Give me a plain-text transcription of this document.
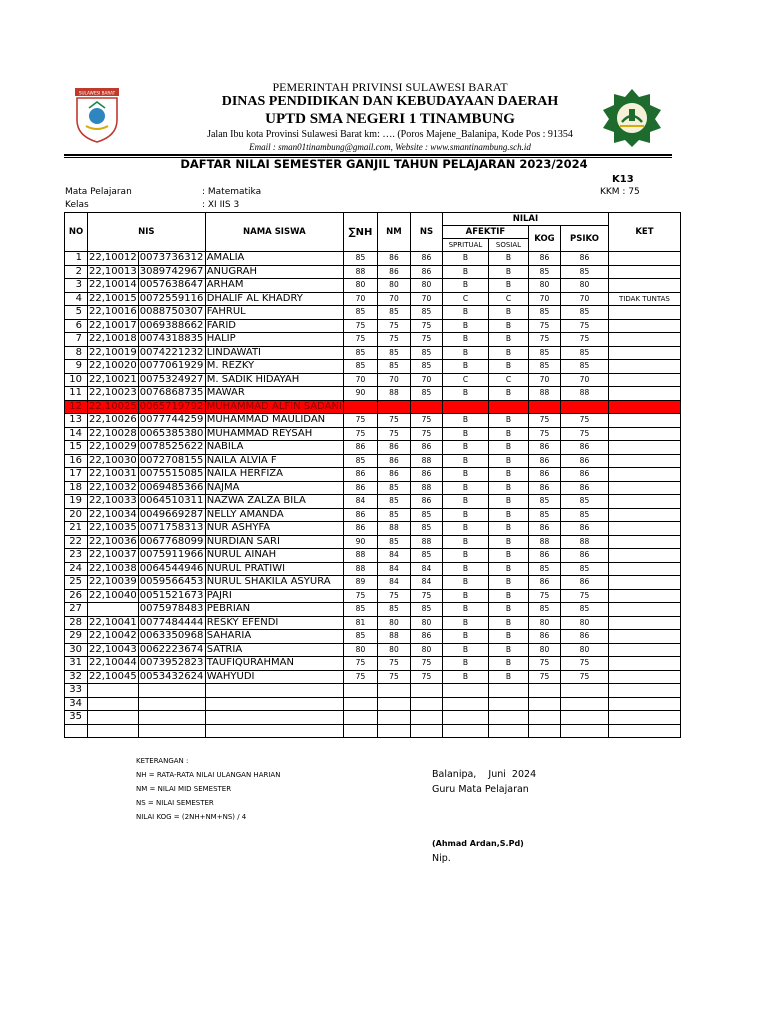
SULAWESI BARAT	PEMERINTAH PRIVINSI SULAWESI BARAT
DINAS PENDIDIKAN DAN KEBUDAYAAN DAERAH
UPTD SMA NEGERI 1 TINAMBUNG
Jalan Ibu kota Provinsi Sulawesi Barat km: …. (Poros Majene_Balanipa, Kode Pos : 91354
Email : sman01tinambung@gmail.com, Website : www.smantinambung.sch.id
DAFTAR NILAI SEMESTER GANJIL TAHUN PELAJARAN 2023/2024
K13
Mata Pelajaran	: Matematika	KKM : 75
Kelas	: XI IIS 3
NO	NIS		NAMA SISWA	∑NH	NM	NS	NILAI				KET
							AFEKTIF		KOG	PSIKO	
							SPRITUAL	SOSIAL			
1	22,10012	0073736312	AMALIA	85	86	86	B	B	86	86	
2	22,10013	3089742967	ANUGRAH	88	86	86	B	B	85	85	
3	22,10014	0057638647	ARHAM	80	80	80	B	B	80	80	
4	22,10015	0072559116	DHALIF AL KHADRY	70	70	70	C	C	70	70	TIDAK TUNTAS
5	22,10016	0088750307	FAHRUL	85	85	85	B	B	85	85	
6	22,10017	0069388662	FARID	75	75	75	B	B	75	75	
7	22,10018	0074318835	HALIP	75	75	75	B	B	75	75	
8	22,10019	0074221232	LINDAWATI	85	85	85	B	B	85	85	
9	22,10020	0077061929	M. REZKY	85	85	85	B	B	85	85	
10	22,10021	0075324927	M. SADIK HIDAYAH	70	70	70	C	C	70	70	
11	22,10023	0076868735	MAWAR	90	88	85	B	B	88	88	
12	22,10025	0065719792	MUHAMMAD ALFIN SADANI								
13	22,10026	0077744259	MUHAMMAD MAULIDAN	75	75	75	B	B	75	75	
14	22,10028	0065385380	MUHAMMAD REYSAH	75	75	75	B	B	75	75	
15	22,10029	0078525622	NABILA	86	86	86	B	B	86	86	
16	22,10030	0072708155	NAILA ALVIA F	85	86	88	B	B	86	86	
17	22,10031	0075515085	NAILA HERFIZA	86	86	86	B	B	86	86	
18	22,10032	0069485366	NAJMA	86	85	88	B	B	86	86	
19	22,10033	0064510311	NAZWA ZALZA BILA	84	85	86	B	B	85	85	
20	22,10034	0049669287	NELLY AMANDA	86	85	85	B	B	85	85	
21	22,10035	0071758313	NUR ASHYFA	86	88	85	B	B	86	86	
22	22,10036	0067768099	NURDIAN SARI	90	85	88	B	B	88	88	
23	22,10037	0075911966	NURUL AINAH	88	84	85	B	B	86	86	
24	22,10038	0064544946	NURUL PRATIWI	88	84	84	B	B	85	85	
25	22,10039	0059566453	NURUL SHAKILA ASYURA	89	84	84	B	B	86	86	
26	22,10040	0051521673	PAJRI	75	75	75	B	B	75	75	
27		0075978483	PEBRIAN	85	85	85	B	B	85	85	
28	22,10041	0077484444	RESKY EFENDI	81	80	80	B	B	80	80	
29	22,10042	0063350968	SAHARIA	85	88	86	B	B	86	86	
30	22,10043	0062223674	SATRIA	80	80	80	B	B	80	80	
31	22,10044	0073952823	TAUFIQURAHMAN	75	75	75	B	B	75	75	
32	22,10045	0053432624	WAHYUDI	75	75	75	B	B	75	75	
33											
34											
35											

KETERANGAN :
NH = RATA-RATA NILAI ULANGAN HARIAN
NM = NILAI MID SEMESTER
NS = NILAI SEMESTER
NILAI KOG = (2NH+NM+NS) / 4
Balanipa,    Juni  2024
Guru Mata Pelajaran
(Ahmad Ardan,S.Pd)
Nip.
